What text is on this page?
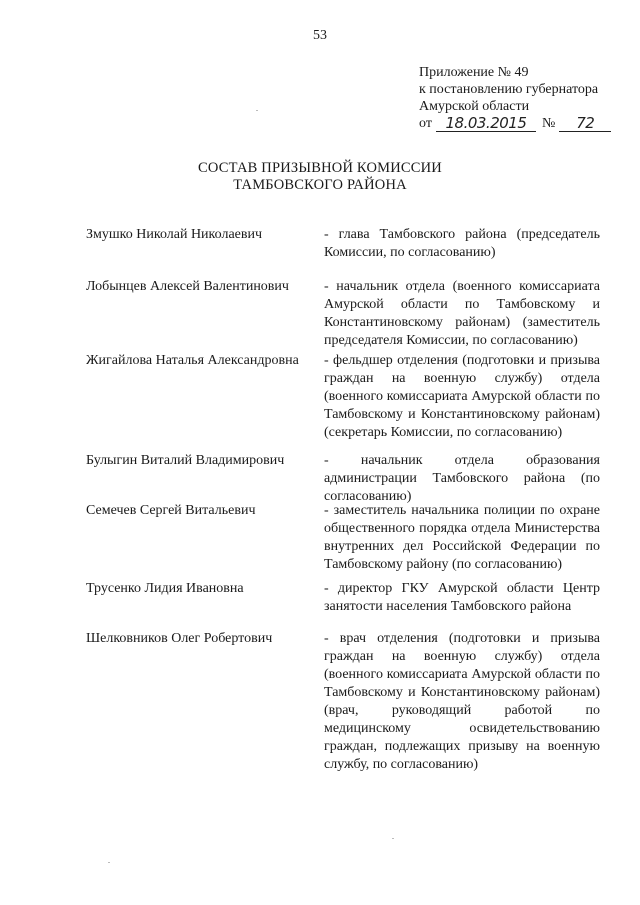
53
Приложение № 49
к постановлению губернатора
Амурской области
от 18.03.2015	№	72
СОСТАВ ПРИЗЫВНОЙ КОМИССИИ
ТАМБОВСКОГО РАЙОНА
Змушко Николай Николаевич	- глава Тамбовского района (председатель Комиссии, по согласованию)
Лобынцев Алексей Валентинович	- начальник отдела (военного комиссариата Амурской области по Тамбовскому и Константиновскому районам) (заместитель председателя Комиссии, по согласованию)
Жигайлова Наталья Александровна	- фельдшер отделения (подготовки и призыва граждан на военную службу) отдела (военного комиссариата Амурской области по Тамбовскому и Константиновскому районам) (секретарь Комиссии, по согласованию)
Булыгин Виталий Владимирович	- начальник отдела образования администрации Тамбовского района (по согласованию)
Семечев Сергей Витальевич	- заместитель начальника полиции по охране общественного порядка отдела Министерства внутренних дел Российской Федерации по Тамбовскому району (по согласованию)
Трусенко Лидия Ивановна	- директор ГКУ Амурской области Центр занятости населения Тамбовского района
Шелковников Олег Робертович	- врач отделения (подготовки и призыва граждан на военную службу) отдела (военного комиссариата Амурской области по Тамбовскому и Константиновскому районам) (врач, руководящий работой по медицинскому освидетельствованию граждан, подлежащих призыву на военную службу, по согласованию)
